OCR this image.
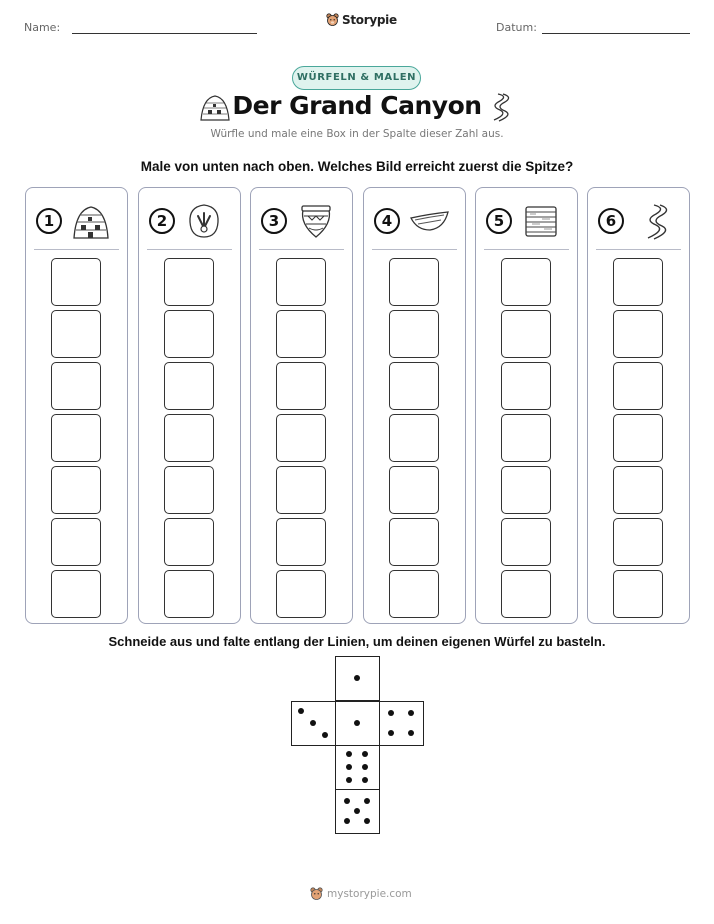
Name:
Storypie
Datum:
WÜRFELN & MALEN
Der Grand Canyon
Würfle und male eine Box in der Spalte dieser Zahl aus.
Male von unten nach oben. Welches Bild erreicht zuerst die Spitze?
1	2	3	4	5	6
Schneide aus und falte entlang der Linien, um deinen eigenen Würfel zu basteln.
mystorypie.com
